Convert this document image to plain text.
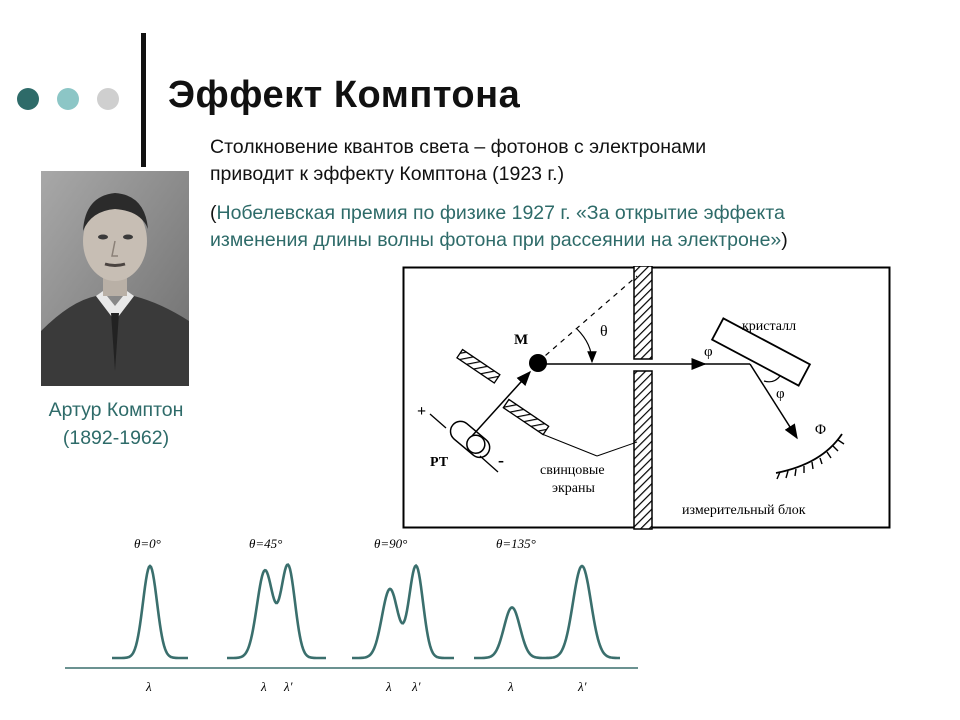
Эффект Комптона
Столкновение квантов света – фотонов с электронами
приводит к эффекту Комптона (1923 г.)
(Нобелевская премия по физике 1927 г. «За открытие эффекта
изменения длины волны фотона при рассеянии на электроне»)
Артур Комптон
(1892-1962)
M	θ	кристалл
φ
φ
Φ
+
-
РТ
свинцовые
экраны
измерительный блок
θ=0°
λ
θ=45°
λ λ′
θ=90°
λ λ′
θ=135°
λ	λ′
